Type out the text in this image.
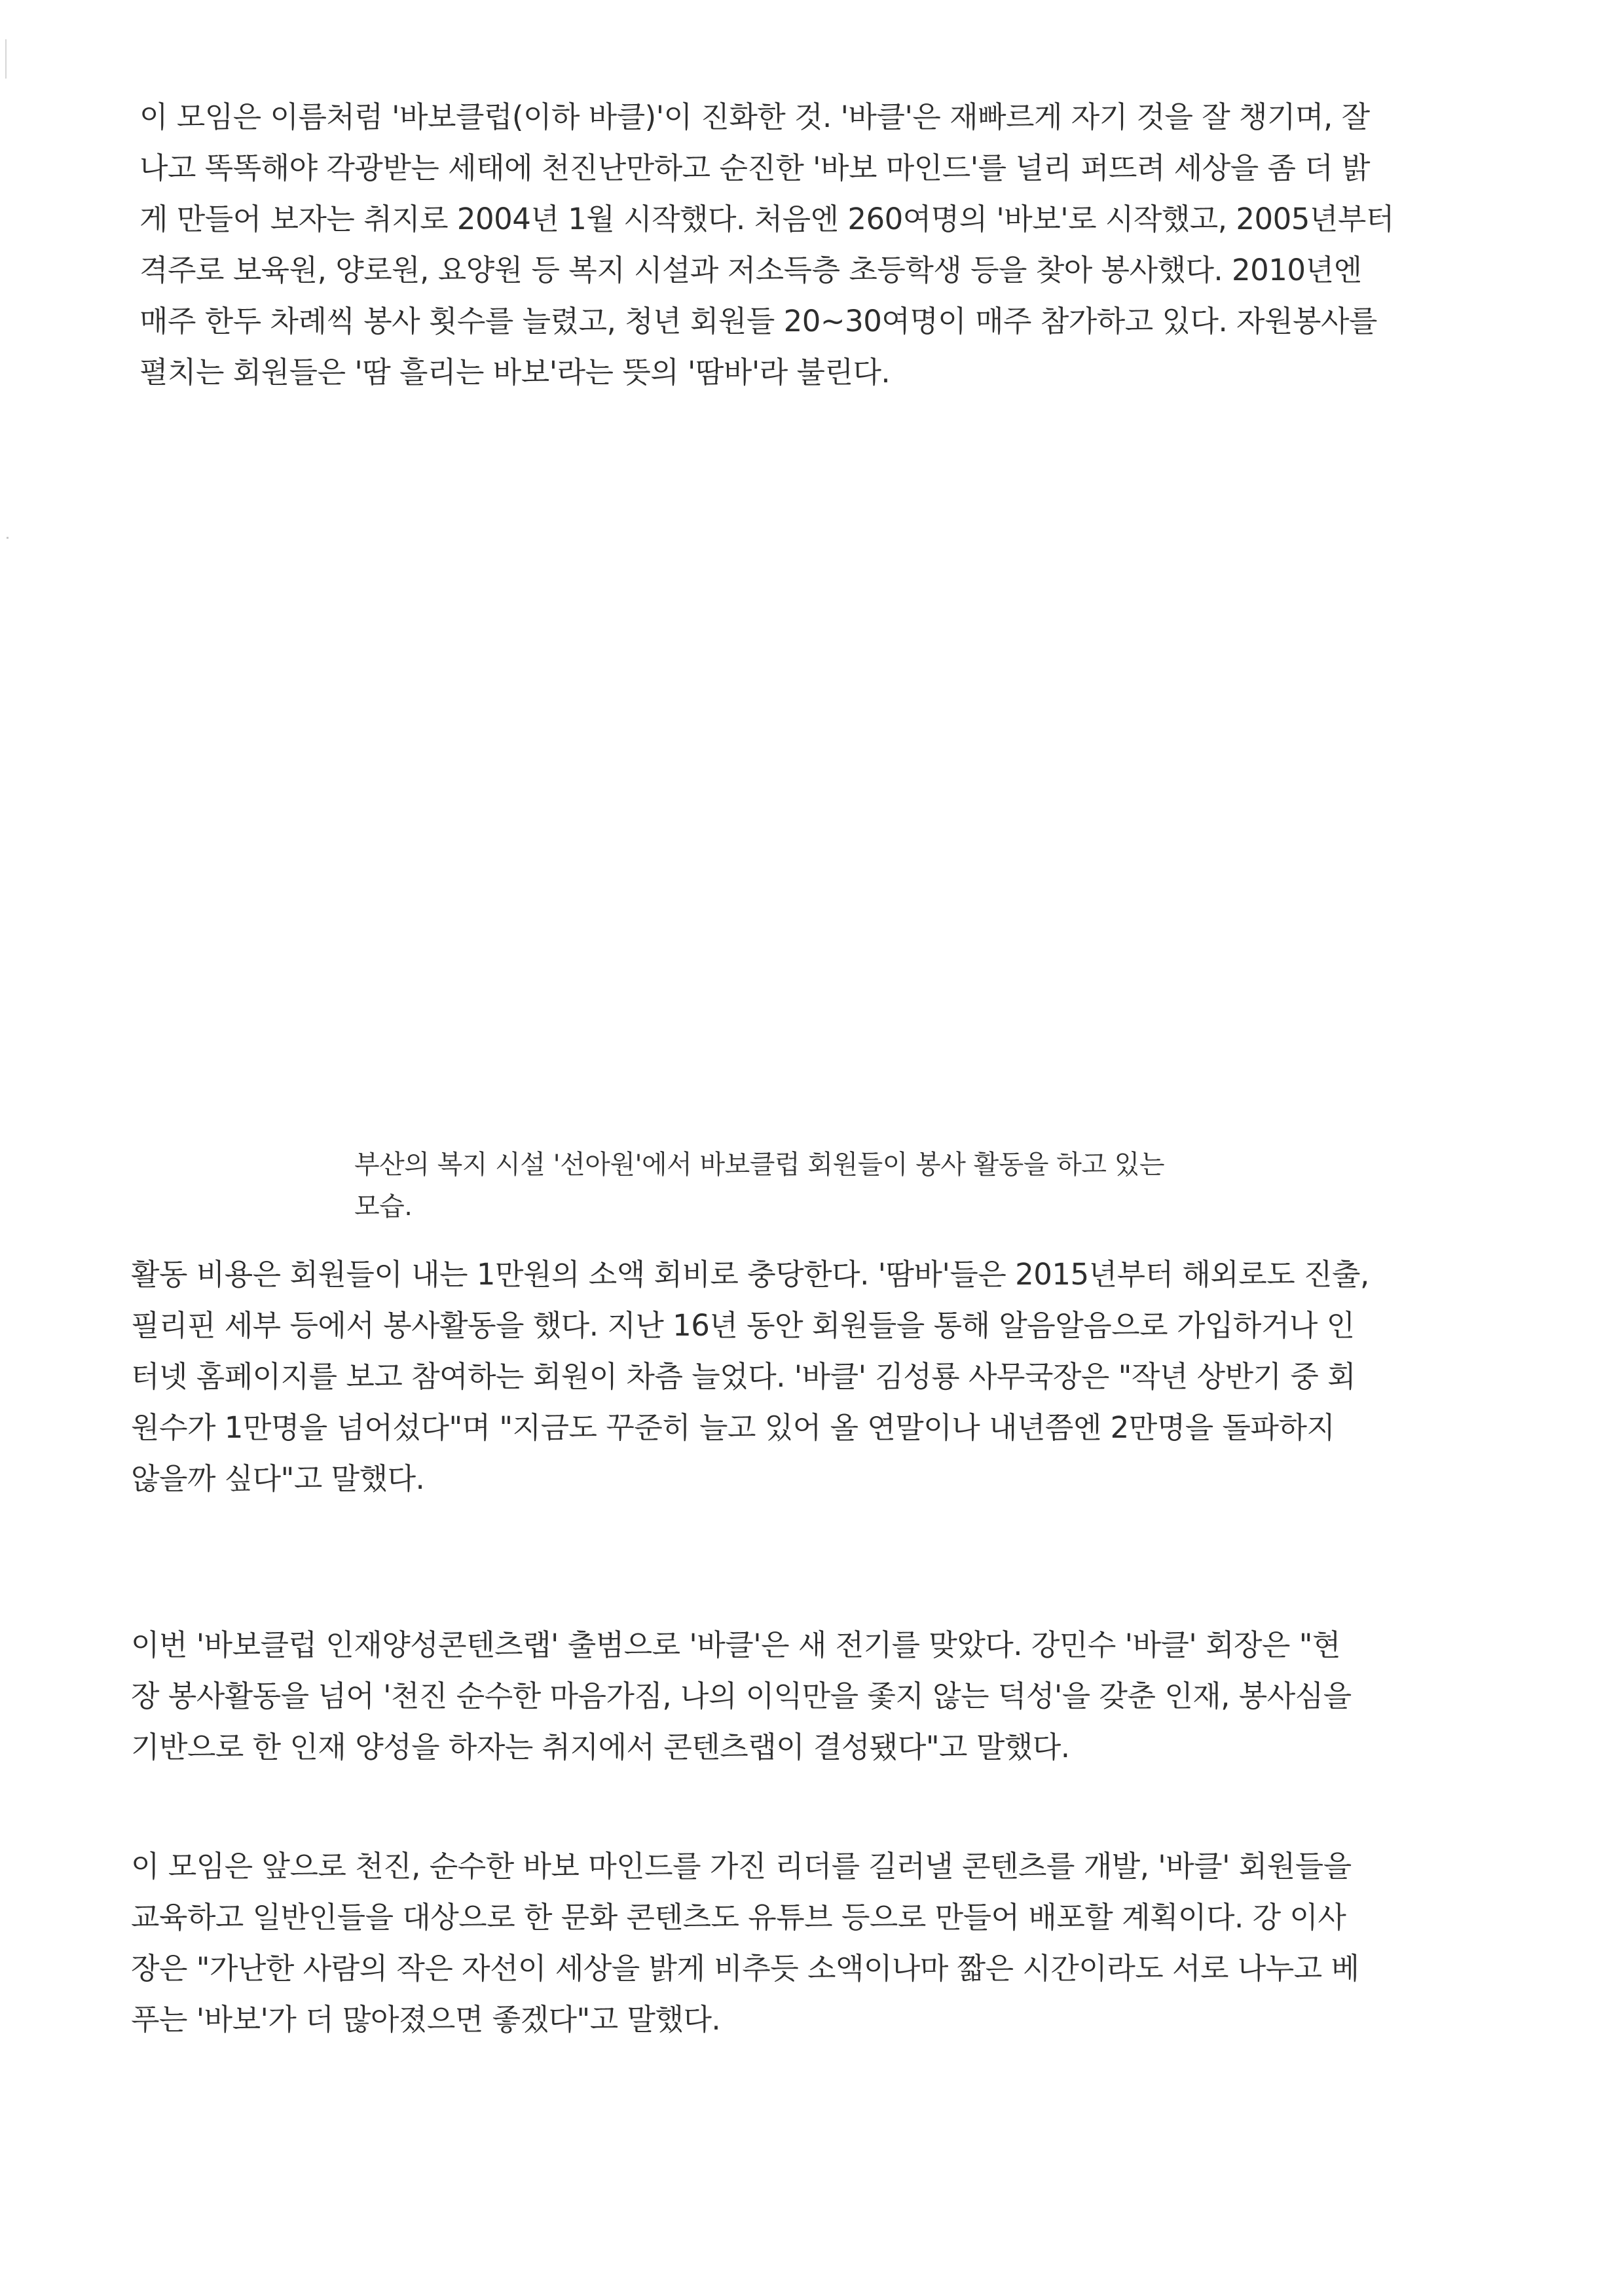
이 모임은 이름처럼 '바보클럽(이하 바클)'이 진화한 것. '바클'은 재빠르게 자기 것을 잘 챙기며, 잘
나고 똑똑해야 각광받는 세태에 천진난만하고 순진한 '바보 마인드'를 널리 퍼뜨려 세상을 좀 더 밝
게 만들어 보자는 취지로 2004년 1월 시작했다. 처음엔 260여명의 '바보'로 시작했고, 2005년부터
격주로 보육원, 양로원, 요양원 등 복지 시설과 저소득층 초등학생 등을 찾아 봉사했다. 2010년엔
매주 한두 차례씩 봉사 횟수를 늘렸고, 청년 회원들 20~30여명이 매주 참가하고 있다. 자원봉사를
펼치는 회원들은 '땀 흘리는 바보'라는 뜻의 '땀바'라 불린다.

부산의 복지 시설 '선아원'에서 바보클럽 회원들이 봉사 활동을 하고 있는
모습.

활동 비용은 회원들이 내는 1만원의 소액 회비로 충당한다. '땀바'들은 2015년부터 해외로도 진출,
필리핀 세부 등에서 봉사활동을 했다. 지난 16년 동안 회원들을 통해 알음알음으로 가입하거나 인
터넷 홈페이지를 보고 참여하는 회원이 차츰 늘었다. '바클' 김성룡 사무국장은 "작년 상반기 중 회
원수가 1만명을 넘어섰다"며 "지금도 꾸준히 늘고 있어 올 연말이나 내년쯤엔 2만명을 돌파하지
않을까 싶다"고 말했다.

이번 '바보클럽 인재양성콘텐츠랩' 출범으로 '바클'은 새 전기를 맞았다. 강민수 '바클' 회장은 "현
장 봉사활동을 넘어 '천진 순수한 마음가짐, 나의 이익만을 좇지 않는 덕성'을 갖춘 인재, 봉사심을
기반으로 한 인재 양성을 하자는 취지에서 콘텐츠랩이 결성됐다"고 말했다.

이 모임은 앞으로 천진, 순수한 바보 마인드를 가진 리더를 길러낼 콘텐츠를 개발, '바클' 회원들을
교육하고 일반인들을 대상으로 한 문화 콘텐츠도 유튜브 등으로 만들어 배포할 계획이다. 강 이사
장은 "가난한 사람의 작은 자선이 세상을 밝게 비추듯 소액이나마 짧은 시간이라도 서로 나누고 베
푸는 '바보'가 더 많아졌으면 좋겠다"고 말했다.
